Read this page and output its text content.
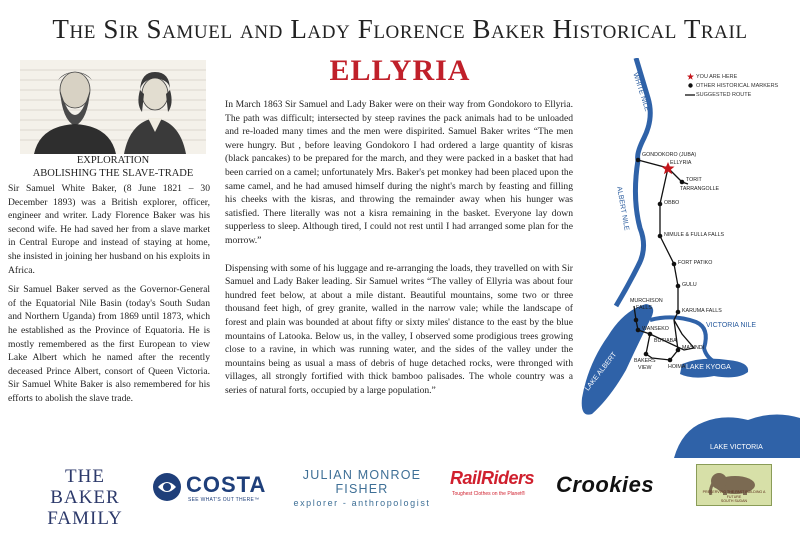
The Sir Samuel and Lady Florence Baker Historical Trail
ELLYRIA
EXPLORATION
ABOLISHING THE SLAVE-TRADE

Sir Samuel White Baker, (8 June 1821 – 30 December 1893) was a British explorer, officer, engineer and writer. Lady Florence Baker was his second wife. He had saved her from a slave market in Central Europe and instead of staying at home, she insisted in joining her husband on his exploits in Africa.

Sir Samuel Baker served as the Governor-General of the Equatorial Nile Basin (today's South Sudan and Northern Uganda) from 1869 until 1873, which he established as the Province of Equatoria. He is mostly remembered as the first European to view Lake Albert which he named after the recently deceased Prince Albert, consort of Queen Victoria. Sir Samuel White Baker is also remembered for his efforts to abolish the slave trade.

In March 1863 Sir Samuel and Lady Baker were on their way from Gondokoro to Ellyria. The path was difficult; intersected by steep ravines the pack animals had to be unloaded and re-loaded many times and the men were dispirited. Samuel Baker writes “The men were hungry. But , before leaving Gondokoro I had ordered a large quantity of kisras (black pancakes) to be prepared for the march, and they were packed in a basket that had been carried on a camel; unfortunately Mrs. Baker's pet monkey had been placed upon the same camel, and he had amused himself during the night's march by feasting and filling his cheeks with the kisras, and throwing the remainder away when his hunger was satisfied. There literally was not a kisra remaining in the basket. Everyone lay down supperless to sleep. Although tired, I could not rest until I had arranged some plan for the morrow.”

Dispensing with some of his luggage and re-arranging the loads, they travelled on with Sir Samuel and Lady Baker leading. Sir Samuel writes “The valley of Ellyria was about four hundred feet below, at about a mile distant. Beautiful mountains, some two or three thousand feet high, of grey granite, walled in the narrow vale; while the landscape of forest and plain was bounded at about fifty or sixty miles' distance to the east by the blue mountains of Latooka. Below us, in the valley, I observed some prodigious trees growing close to a ravine, in which was running water, and the sides of the valley under the mountains being as usual a mass of debris of huge detached rocks, were thronged with villages, all strongly fortified with thick bamboo palisades. The whole country was a series of natural forts, occupied by a large population.”

WHITE NILE
ALBERT NILE
VICTORIA NILE
LAKE ALBERT	LAKE KYOGA
LAKE VICTORIA
GONDOKORO (JUBA)
ELLYRIA
TORIT
TARRANGOLLE
OBBO
NIMULE & FULLA FALLS
FORT PATIKO
GULU
MURCHISON
FALLS	KARUMA FALLS
WANSEKO
BUTIABA
MASINDI
HOIMA
BAKERS
VIEW
YOU ARE HERE
OTHER HISTORICAL MARKERS
SUGGESTED ROUTE
THE BAKER
FAMILY
COSTA
SEE WHAT'S OUT THERE™
JULIAN MONROE FISHER
explorer - anthropologist
RailRiders
Toughest Clothes on the Planet® Crookies	PRESERVING THE PAST BUILDING A FUTURE
SOUTH SUDAN
